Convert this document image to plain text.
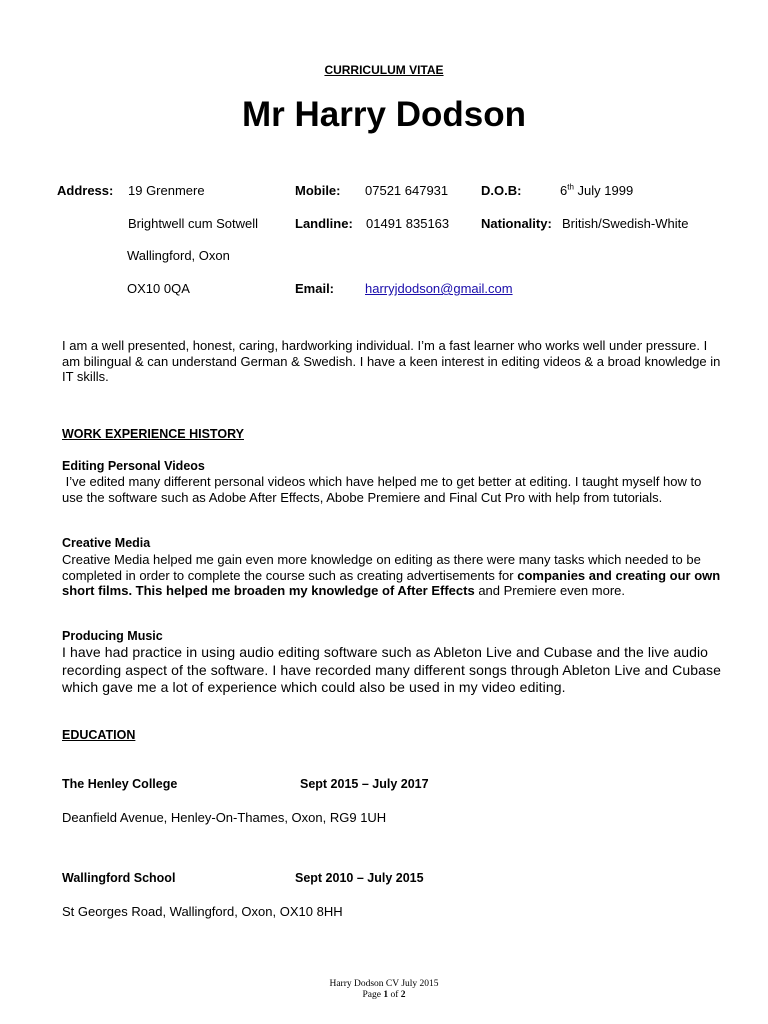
CURRICULUM VITAE
Mr Harry Dodson
Address: 19 Grenmere
Brightwell cum Sotwell
Wallingford, Oxon
OX10 0QA
Mobile: 07521 647931
Landline: 01491 835163
Email: harryjdodson@gmail.com
D.O.B:	6th July 1999
Nationality: British/Swedish-White
I am a well presented, honest, caring, hardworking individual. I’m a fast learner who works well under pressure. I am bilingual & can understand German & Swedish. I have a keen interest in editing videos & a broad knowledge in IT skills.
WORK EXPERIENCE HISTORY
Editing Personal Videos
I’ve edited many different personal videos which have helped me to get better at editing. I taught myself how to use the software such as Adobe After Effects, Abobe Premiere and Final Cut Pro with help from tutorials.
Creative Media
Creative Media helped me gain even more knowledge on editing as there were many tasks which needed to be completed in order to complete the course such as creating advertisements for companies and creating our own short films. This helped me broaden my knowledge of After Effects and Premiere even more.
Producing Music
I have had practice in using audio editing software such as Ableton Live and Cubase and the live audio recording aspect of the software. I have recorded many different songs through Ableton Live and Cubase which gave me a lot of experience which could also be used in my video editing.
EDUCATION
The Henley College	Sept 2015 – July 2017
Deanfield Avenue, Henley-On-Thames, Oxon, RG9 1UH
Wallingford School	Sept 2010 – July 2015
St Georges Road, Wallingford, Oxon, OX10 8HH
Harry Dodson CV July 2015
Page 1 of 2
